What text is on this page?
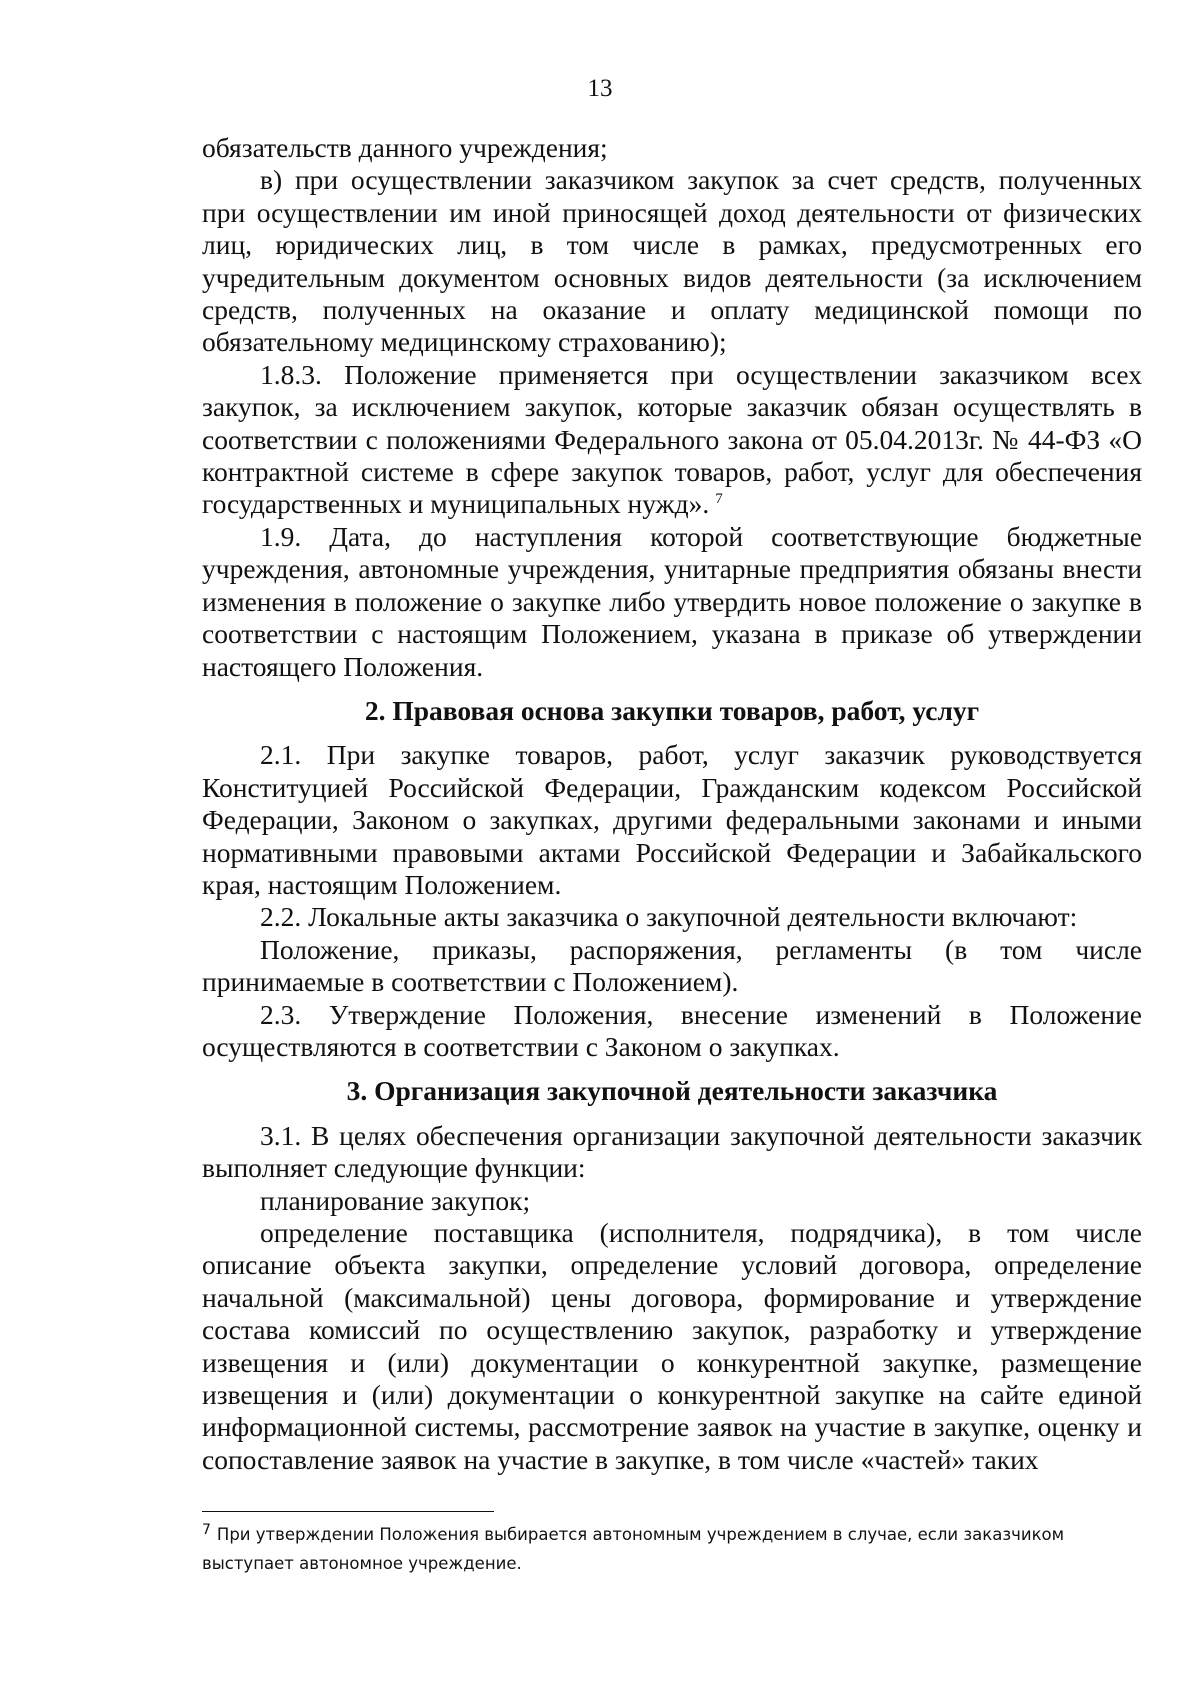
13

обязательств данного учреждения;

в) при осуществлении заказчиком закупок за счет средств, полученных при осуществлении им иной приносящей доход деятельности от физических лиц, юридических лиц, в том числе в рамках, предусмотренных его учредительным документом основных видов деятельности (за исключением средств, полученных на оказание и оплату медицинской помощи по обязательному медицинскому страхованию);

1.8.3. Положение применяется при осуществлении заказчиком всех закупок, за исключением закупок, которые заказчик обязан осуществлять в соответствии с положениями Федерального закона от 05.04.2013г. № 44-ФЗ «О контрактной системе в сфере закупок товаров, работ, услуг для обеспечения государственных и муниципальных нужд». $^7$

1.9. Дата, до наступления которой соответствующие бюджетные учреждения, автономные учреждения, унитарные предприятия обязаны внести изменения в положение о закупке либо утвердить новое положение о закупке в соответствии с настоящим Положением, указана в приказе об утверждении настоящего Положения.

2. Правовая основа закупки товаров, работ, услуг

2.1. При закупке товаров, работ, услуг заказчик руководствуется Конституцией Российской Федерации, Гражданским кодексом Российской Федерации, Законом о закупках, другими федеральными законами и иными нормативными правовыми актами Российской Федерации и Забайкальского края, настоящим Положением.

2.2. Локальные акты заказчика о закупочной деятельности включают:

Положение, приказы, распоряжения, регламенты (в том числе принимаемые в соответствии с Положением).

2.3. Утверждение Положения, внесение изменений в Положение осуществляются в соответствии с Законом о закупках.

3. Организация закупочной деятельности заказчика

3.1. В целях обеспечения организации закупочной деятельности заказчик выполняет следующие функции:

планирование закупок;

определение поставщика (исполнителя, подрядчика), в том числе описание объекта закупки, определение условий договора, определение начальной (максимальной) цены договора, формирование и утверждение состава комиссий по осуществлению закупок, разработку и утверждение извещения и (или) документации о конкурентной закупке, размещение извещения и (или) документации о конкурентной закупке на сайте единой информационной системы, рассмотрение заявок на участие в закупке, оценку и сопоставление заявок на участие в закупке, в том числе «частей» таких

$^7$ При утверждении Положения выбирается автономным учреждением в случае, если заказчиком выступает автономное учреждение.
